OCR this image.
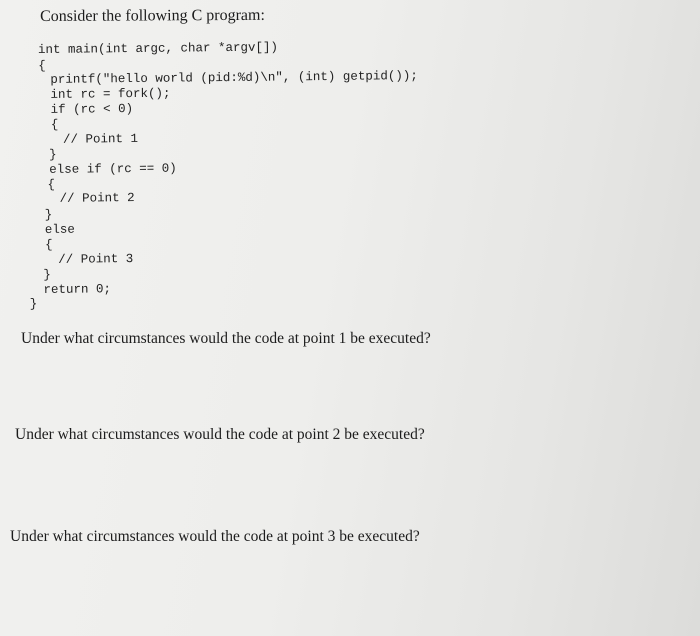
Consider the following C program:

int main(int argc, char *argv[])
{
printf("hello world (pid:%d)\n", (int) getpid());
int rc = fork();
if (rc < 0)
{
// Point 1
}
else if (rc == 0)
{
// Point 2
}
else
{
// Point 3
}
return 0;
}

Under what circumstances would the code at point 1 be executed?

Under what circumstances would the code at point 2 be executed?

Under what circumstances would the code at point 3 be executed?
